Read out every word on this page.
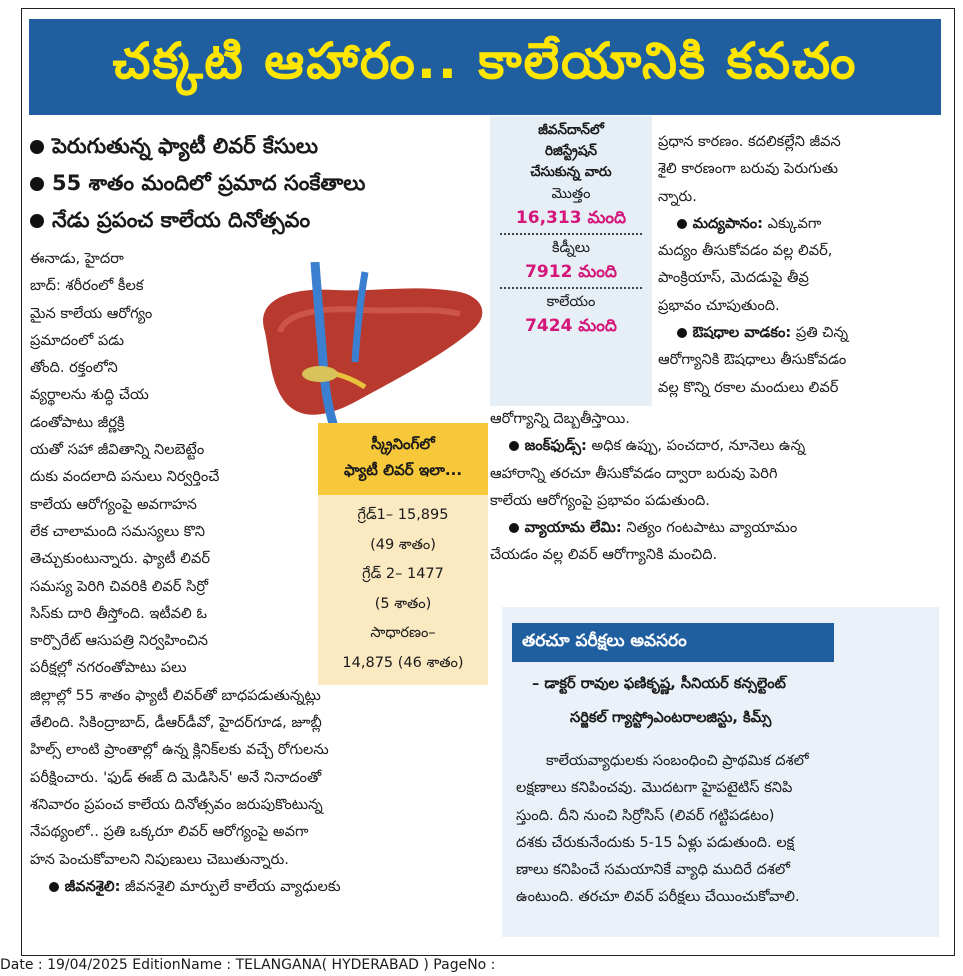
చక్కటి ఆహారం.. కాలేయానికి కవచం
పెరుగుతున్న ఫ్యాటీ లివర్ కేసులు
55 శాతం మందిలో ప్రమాద సంకేతాలు
నేడు ప్రపంచ కాలేయ దినోత్సవం
ఈనాడు, హైదరా
బాద్: శరీరంలో కీలక
మైన కాలేయ ఆరోగ్యం
ప్రమాదంలో పడు
తోంది. రక్తంలోని
వ్యర్థాలను శుద్ధి చేయ
డంతోపాటు జీర్ణక్రి
యతో సహా జీవితాన్ని నిలబెట్టేం
దుకు వందలాది పనులు నిర్వర్తించే
కాలేయ ఆరోగ్యంపై అవగాహన
లేక చాలామంది సమస్యలు కొని
తెచ్చుకుంటున్నారు. ఫ్యాటీ లివర్
సమస్య పెరిగి చివరికి లివర్ సిర్రో
సిస్‌కు దారి తీస్తోంది. ఇటీవలి ఓ
కార్పొరేట్ ఆసుపత్రి నిర్వహించిన
పరీక్షల్లో నగరంతోపాటు పలు
జిల్లాల్లో 55 శాతం ఫ్యాటీ లివర్‌తో బాధపడుతున్నట్లు
తేలింది. సికింద్రాబాద్, డీఆర్‌డీవో, హైదర్‌గూడ, జూబ్లీ
హిల్స్ లాంటి ప్రాంతాల్లో ఉన్న క్లినిక్‌లకు వచ్చే రోగులను
పరీక్షించారు. 'ఫుడ్ ఈజ్ ది మెడిసిన్' అనే నినాదంతో
శనివారం ప్రపంచ కాలేయ దినోత్సవం జరుపుకొంటున్న
నేపథ్యంలో.. ప్రతి ఒక్కరూ లివర్ ఆరోగ్యంపై అవగా
హన పెంచుకోవాలని నిపుణులు చెబుతున్నారు.
జీవనశైలి: జీవనశైలి మార్పులే కాలేయ వ్యాధులకు
స్క్రీనింగ్‌లో
ఫ్యాటీ లివర్ ఇలా...
గ్రేడ్1– 15,895
(49 శాతం)
గ్రేడ్ 2– 1477
(5 శాతం)
సాధారణం–
14,875 (46 శాతం)
జీవన్‌దాన్‌లో
రిజిస్ట్రేషన్
చేసుకున్న వారు
మొత్తం
16,313 మంది
కిడ్నీలు
7912 మంది
కాలేయం
7424 మంది
ప్రధాన కారణం. కదలికల్లేని జీవన
శైలి కారణంగా బరువు పెరుగుతు
న్నారు.
మద్యపానం: ఎక్కువగా
మద్యం తీసుకోవడం వల్ల లివర్,
పాంక్రియాస్, మెదడుపై తీవ్ర
ప్రభావం చూపుతుంది.
ఔషధాల వాడకం: ప్రతి చిన్న
ఆరోగ్యానికి ఔషధాలు తీసుకోవడం
వల్ల కొన్ని రకాల మందులు లివర్
ఆరోగ్యాన్ని దెబ్బతీస్తాయి.
జంక్‌ఫుడ్స్: అధిక ఉప్పు, పంచదార, నూనెలు ఉన్న
ఆహారాన్ని తరచూ తీసుకోవడం ద్వారా బరువు పెరిగి
కాలేయ ఆరోగ్యంపై ప్రభావం పడుతుంది.
వ్యాయామ లేమి: నిత్యం గంటపాటు వ్యాయామం
చేయడం వల్ల లివర్ ఆరోగ్యానికి మంచిది.
తరచూ పరీక్షలు అవసరం
– డాక్టర్ రావుల ఫణికృష్ణ, సీనియర్ కన్సల్టెంట్
సర్జికల్ గ్యాస్ట్రోఎంటరాలజిస్టు, కిమ్స్
కాలేయవ్యాధులకు సంబంధించి ప్రాథమిక దశలో
లక్షణాలు కనిపించవు. మొదటగా హైపటైటిస్ కనిపి
స్తుంది. దీని నుంచి సిర్రోసిస్ (లివర్ గట్టిపడటం)
దశకు చేరుకునేందుకు 5-15 ఏళ్లు పడుతుంది. లక్ష
ణాలు కనిపించే సమయానికే వ్యాధి ముదిరే దశలో
ఉంటుంది. తరచూ లివర్ పరీక్షలు చేయించుకోవాలి.
Date : 19/04/2025 EditionName : TELANGANA( HYDERABAD ) PageNo :
